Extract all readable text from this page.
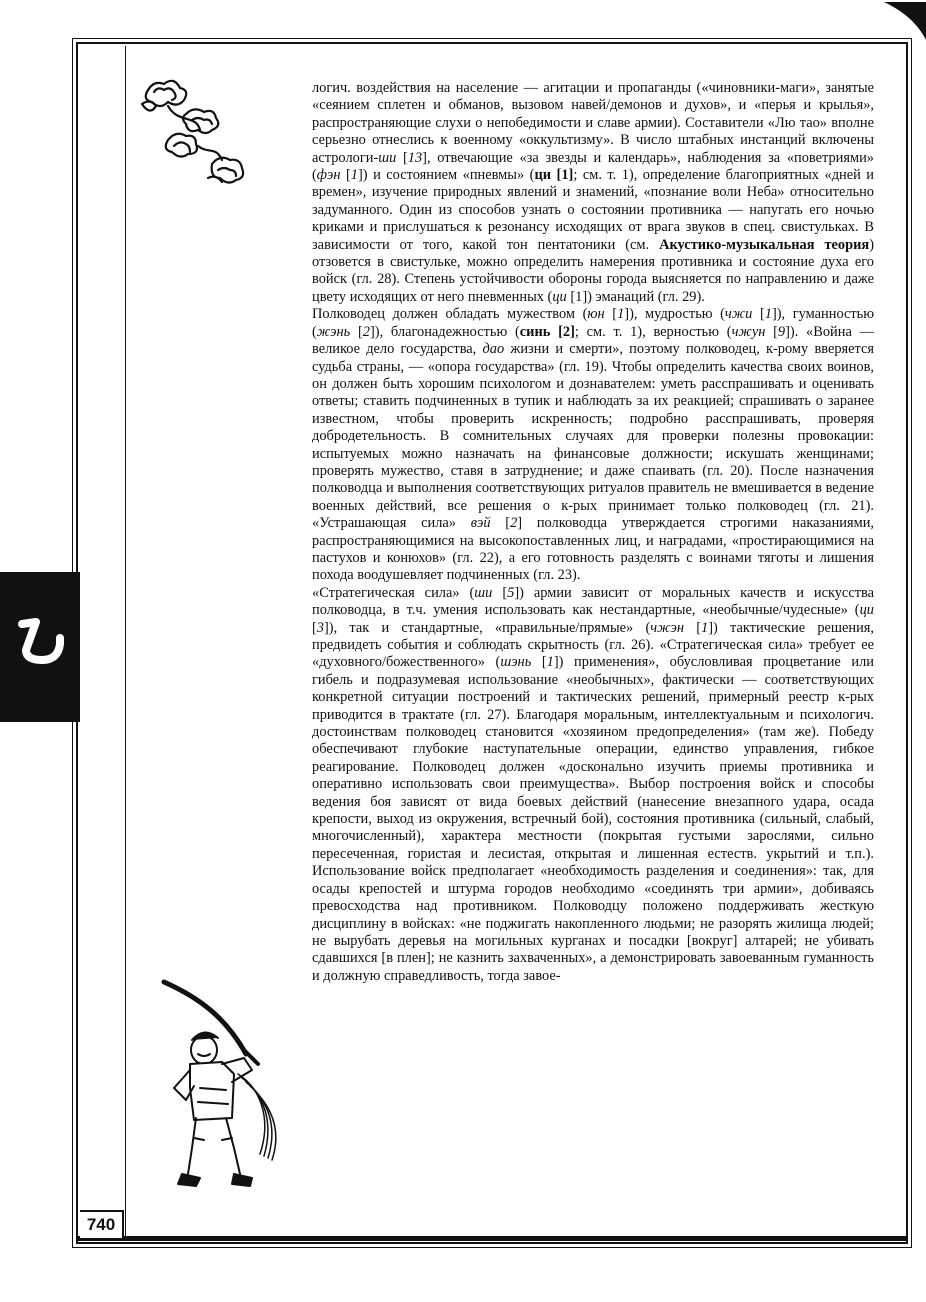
740

логич. воздействия на население — агитации и пропаганды («чиновники-маги», занятые «сеянием сплетен и обманов, вызовом навей/демонов и духов», и «перья и крылья», распространяющие слухи о непобедимости и славе армии). Составители «Лю тао» вполне серьезно отнеслись к военному «оккультизму». В число штабных инстанций включены астрологи-ши [13], отвечающие «за звезды и календарь», наблюдения за «поветриями» (фэн [1]) и состоянием «пневмы» (ци [1]; см. т. 1), определение благоприятных «дней и времен», изучение природных явлений и знамений, «познание воли Неба» относительно задуманного. Один из способов узнать о состоянии противника — напугать его ночью криками и прислушаться к резонансу исходящих от врага звуков в спец. свистульках. В зависимости от того, какой тон пентатоники (см. Акустико-музыкальная теория) отзовется в свистульке, можно определить намерения противника и состояние духа его войск (гл. 28). Степень устойчивости обороны города выясняется по направлению и даже цвету исходящих от него пневменных (ци [1]) эманаций (гл. 29).

Полководец должен обладать мужеством (юн [1]), мудростью (чжи [1]), гуманностью (жэнь [2]), благонадежностью (синь [2]; см. т. 1), верностью (чжун [9]). «Война — великое дело государства, дао жизни и смерти», поэтому полководец, к-рому вверяется судьба страны, — «опора государства» (гл. 19). Чтобы определить качества своих воинов, он должен быть хорошим психологом и дознавателем: уметь расспрашивать и оценивать ответы; ставить подчиненных в тупик и наблюдать за их реакцией; спрашивать о заранее известном, чтобы проверить искренность; подробно расспрашивать, проверяя добродетельность. В сомнительных случаях для проверки полезны провокации: испытуемых можно назначать на финансовые должности; искушать женщинами; проверять мужество, ставя в затруднение; и даже спаивать (гл. 20). После назначения полководца и выполнения соответствующих ритуалов правитель не вмешивается в ведение военных действий, все решения о к-рых принимает только полководец (гл. 21). «Устрашающая сила» вэй [2] полководца утверждается строгими наказаниями, распространяющимися на высокопоставленных лиц, и наградами, «простирающимися на пастухов и конюхов» (гл. 22), а его готовность разделять с воинами тяготы и лишения похода воодушевляет подчиненных (гл. 23).

«Стратегическая сила» (ши [5]) армии зависит от моральных качеств и искусства полководца, в т.ч. умения использовать как нестандартные, «необычные/чудесные» (ци [3]), так и стандартные, «правильные/прямые» (чжэн [1]) тактические решения, предвидеть события и соблюдать скрытность (гл. 26). «Стратегическая сила» требует ее «духовного/божественного» (шэнь [1]) применения», обусловливая процветание или гибель и подразумевая использование «необычных», фактически — соответствующих конкретной ситуации построений и тактических решений, примерный реестр к-рых приводится в трактате (гл. 27). Благодаря моральным, интеллектуальным и психологич. достоинствам полководец становится «хозяином предопределения» (там же). Победу обеспечивают глубокие наступательные операции, единство управления, гибкое реагирование. Полководец должен «досконально изучить приемы противника и оперативно использовать свои преимущества». Выбор построения войск и способы ведения боя зависят от вида боевых действий (нанесение внезапного удара, осада крепости, выход из окружения, встречный бой), состояния противника (сильный, слабый, многочисленный), характера местности (покрытая густыми зарослями, сильно пересеченная, гористая и лесистая, открытая и лишенная естеств. укрытий и т.п.). Использование войск предполагает «необходимость разделения и соединения»: так, для осады крепостей и штурма городов необходимо «соединять три армии», добиваясь превосходства над противником. Полководцу положено поддерживать жесткую дисциплину в войсках: «не поджигать накопленного людьми; не разорять жилища людей; не вырубать деревья на могильных курганах и посадки [вокруг] алтарей; не убивать сдавшихся [в плен]; не казнить захваченных», а демонстрировать завоеванным гуманность и должную справедливость, тогда завое-
